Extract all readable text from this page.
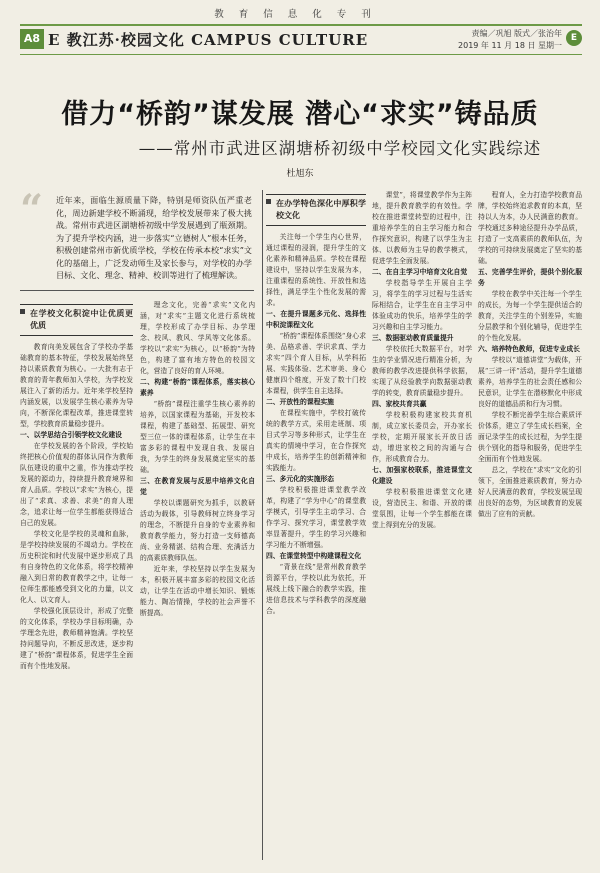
教育信息化专刊
A8 E 教江苏·校园文化 CAMPUS CULTURE	责编／巩旭 版式／张治年
2019 年 11 月 18 日 星期一
E
借力“桥韵”谋发展 潜心“求实”铸品质
——常州市武进区湖塘桥初级中学校园文化实践综述
杜旭东
“ 近年来，面临生源质量下降，特别是师资队伍严重老化，周边新建学校不断涌现，给学校发展带来了极大挑战。常州市武进区湖塘桥初级中学发展遇到了瓶颈期。为了提升学校内涵，进一步落实“立德树人”根本任务，积极创建常州市新优质学校，学校在传承本校“求实”文化的基础上，广泛发动师生及家长参与，对学校的办学目标、文化、理念、精神、校训等进行了梳理解读。
在学校文化积淀中让优质更优质

教育向美发展包含了学校办学基础教育的基本特征，学校发展始终坚持以素质教育为核心。一大批有志于教育的青年教师加入学校，为学校发展注入了新的活力。近年来学校坚持内涵发展，以发展学生核心素养为导向，不断深化课程改革，推进课堂转型，学校教育质量稳步提升。

一、以学思结合引领学校文化建设

在学校发展的各个阶段，学校始终把核心价值观的群体认同作为教师队伍建设的重中之重，作为推动学校发展的源动力，持续提升教育境界和育人品质。学校以“求实”为核心，提出了“求真、求善、求美”的育人理念，追求让每一位学生都能获得适合自己的发展。

学校文化是学校的灵魂和血脉，是学校持续发展的不竭动力。学校在历史积淀和时代发展中逐步形成了具有自身特色的文化体系，将学校精神融入到日常的教育教学之中，让每一位师生都能感受到文化的力量，以文化人、以文育人。

学校强化顶层设计，形成了完整的文化体系，学校办学目标明确，办学理念先进，教师精神饱满。学校坚持问题导向，不断反思改进，逐步构建了“桥韵”课程体系，促进学生全面而有个性地发展。

理念文化，完善“求实”文化内涵，对“求实”主题文化进行系统梳理，学校形成了办学目标、办学理念、校风、教风、学风等文化体系。学校以“求实”为核心，以“桥韵”为特色，构建了富有地方特色的校园文化，营造了良好的育人环境。

二、构建“桥韵”课程体系，落实核心素养

“桥韵”课程注重学生核心素养的培养，以国家课程为基础，开发校本课程，构建了基础型、拓展型、研究型三位一体的课程体系，让学生在丰富多彩的课程中发现自我、发展自我，为学生的终身发展奠定坚实的基础。

三、在教育发展与反思中培养文化自觉

学校以课题研究为抓手，以教研活动为载体，引导教师树立终身学习的理念，不断提升自身的专业素养和教育教学能力，努力打造一支师德高尚、业务精湛、结构合理、充满活力的高素质教师队伍。

近年来，学校坚持以学生发展为本，积极开展丰富多彩的校园文化活动，让学生在活动中增长知识、锻炼能力、陶冶情操，学校的社会声誉不断提高。

在办学特色深化中厚积学校文化

关注每一个学生内心世界，通过课程的浸润，提升学生的文化素养和精神品质。学校在课程建设中，坚持以学生发展为本，注重课程的系统性、开放性和选择性，满足学生个性化发展的需求。

一、在提升课题多元化、选择性中积淀课程文化

“桥韵”课程体系围绕“身心求美、品格求善、学识求真、学力求实”四个育人目标，从学科拓展、实践体验、艺术审美、身心健康四个维度，开发了数十门校本课程，供学生自主选择。

二、开放性的课程实施

在课程实施中，学校打破传统的教学方式，采用走班制、项目式学习等多种形式，让学生在真实的情境中学习，在合作探究中成长，培养学生的创新精神和实践能力。

三、多元化的实施形态

学校积极推进课堂教学改革，构建了“学为中心”的课堂教学模式，引导学生主动学习、合作学习、探究学习，课堂教学效率显著提升，学生的学习兴趣和学习能力不断增强。

四、在课堂转型中构建课程文化

“背景在线”是常州教育教学资源平台，学校以此为依托，开展线上线下融合的教学实践，推进信息技术与学科教学的深度融合。

课堂”，将课堂教学作为主阵地，提升教育教学的有效性。学校在推进课堂转型的过程中，注重培养学生的自主学习能力和合作探究意识，构建了以学生为主体、以教师为主导的教学模式，促进学生全面发展。

二、在自主学习中培育文化自觉

学校指导学生开展自主学习，将学生的学习过程与生活实际相结合，让学生在自主学习中体验成功的快乐，培养学生的学习兴趣和自主学习能力。

三、数据驱动教育质量提升

学校依托大数据平台，对学生的学业情况进行精准分析，为教师的教学改进提供科学依据，实现了从经验教学向数据驱动教学的转变，教育质量稳步提升。

四、家校共育共赢

学校积极构建家校共育机制，成立家长委员会，开办家长学校，定期开展家长开放日活动，增进家校之间的沟通与合作，形成教育合力。

七、加强家校联系，推进课堂文化建设

学校积极推进课堂文化建设，营造民主、和谐、开放的课堂氛围，让每一个学生都能在课堂上得到充分的发展。

程育人，全力打造学校教育品牌，学校始终追求教育的本真，坚持以人为本，办人民满意的教育。学校通过多种途径提升办学品质，打造了一支高素质的教师队伍，为学校的可持续发展奠定了坚实的基础。

五、完善学生评价，提供个别化服务

学校在教学中关注每一个学生的成长，为每一个学生提供适合的教育，关注学生的个别差异，实施分层教学和个别化辅导，促进学生的个性化发展。

六、培养特色教师，促进专业成长

学校以“道德讲堂”为载体，开展“三讲一评”活动，提升学生道德素养，培养学生的社会责任感和公民意识，让学生在潜移默化中形成良好的道德品质和行为习惯。

学校不断完善学生综合素质评价体系，建立了学生成长档案，全面记录学生的成长过程，为学生提供个别化的指导和服务，促进学生全面而有个性地发展。

总之，学校在“求实”文化的引领下，全面推进素质教育，努力办好人民满意的教育，学校发展呈现出良好的态势，为区域教育的发展做出了应有的贡献。
